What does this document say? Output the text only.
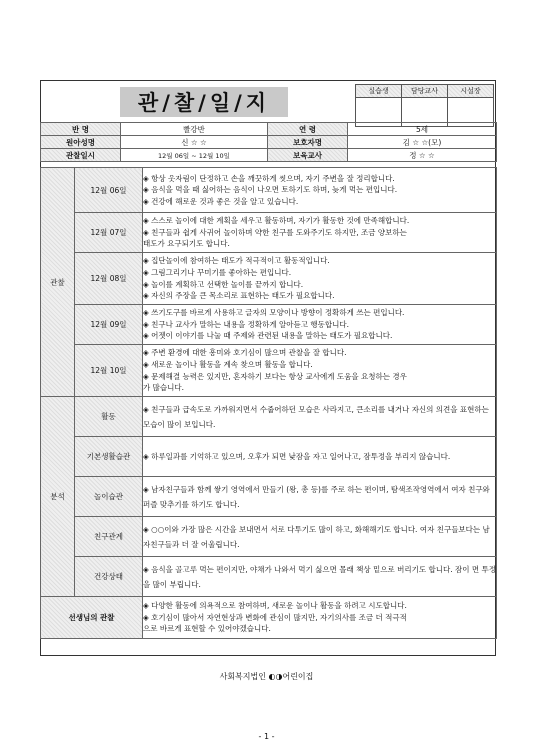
관/찰/일/지	실습생	담당교사	시설장

반 명	빨강반	연 령	5세
원아성명	신 ☆ ☆	보호자명	김 ☆ ☆(모)
관찰일시	12월 06일 ~ 12월 10일	보육교사	정 ☆ ☆
관찰	12월 06일	◈ 항상 옷자림이 단정하고 손을 깨끗하게 씻으며, 자기 주변을 잘 정리합니다.
◈ 음식을 먹을 때 싫어하는 음식이 나오면 토하기도 하며, 늦게 먹는 편입니다.
◈ 건강에 해로운 것과 좋은 것을 알고 있습니다.

	12월 07일	◈ 스스로 놀이에 대한 계획을 세우고 활동하며, 자기가 활동한 것에 만족해합니다.
◈ 친구들과 쉽게 사귀어 놀이하며 약한 친구를 도와주기도 하지만, 조금 양보하는
태도가 요구되기도 합니다.

	12월 08일	◈ 집단놀이에 참여하는 태도가 적극적이고 활동적입니다.
◈ 그림그리기나 꾸미기를 좋아하는 편입니다.
◈ 놀이를 계획하고 선택한 놀이를 끝까지 합니다.
◈ 자신의 주장을 큰 목소리로 표현하는 태도가 필요합니다.

	12월 09일	◈ 쓰기도구를 바르게 사용하고 글자의 모양이나 방향이 정확하게 쓰는 편입니다.
◈ 친구나 교사가 말하는 내용을 정확하게 알아듣고 행동합니다.
◈ 어젯이 이야기를 나눌 때 주제와 관련된 내용을 말하는 태도가 필요합니다.

	12월 10일	◈ 주변 환경에 대한 흥미와 호기심이 많으며 관찰을 잘 합니다.
◈ 새로운 놀이나 활동을 계속 찾으며 활동을 합니다.
◈ 문제해결 능력은 있지만, 혼자하기 보다는 항상 교사에게 도움을 요청하는 경우
가 많습니다.

분석	활동	◈ 친구들과 급속도로 가까워지면서 수줍어하던 모습은 사라지고, 큰소리를 내거나 자신의 의견을 표현하는 모습이 많이 보입니다.
	기본생활습관	◈ 하루일과를 기억하고 있으며, 오후가 되면 낮잠을 자고 일어나고, 잠투정을 부리지 않습니다.
	놀이습관	◈ 남자친구들과 함께 쌓기 영역에서 만들기 (왕, 총 등)를 주로 하는 편이며, 탐색조작영역에서 여자 친구와 퍼즐 맞추기를 하기도 합니다.
	친구관계	◈ ○○이와 가장 많은 시간을 보내면서 서로 다투기도 많이 하고, 화해해기도 합니다. 여자 친구들보다는 남자친구들과 더 잘 어울립니다.
	건강상태	◈ 음식을 골고루 먹는 편이지만, 야채가 나와서 먹기 싫으면 몰래 책상 밑으로 버리기도 합니다. 잠이 면 투정을 많이 부립니다.
선생님의 관찰		◈ 다양한 활동에 의욕적으로 참여하며, 새로운 놀이나 활동을 하려고 시도합니다.
◈ 호기심이 많아서 자연현상과 변화에 관심이 많지만, 자기의사를 조금 더 적극적
으로 바르게 표현할 수 있어야겠습니다.
사회복지법인 ◐◑어린이집
- 1 -
